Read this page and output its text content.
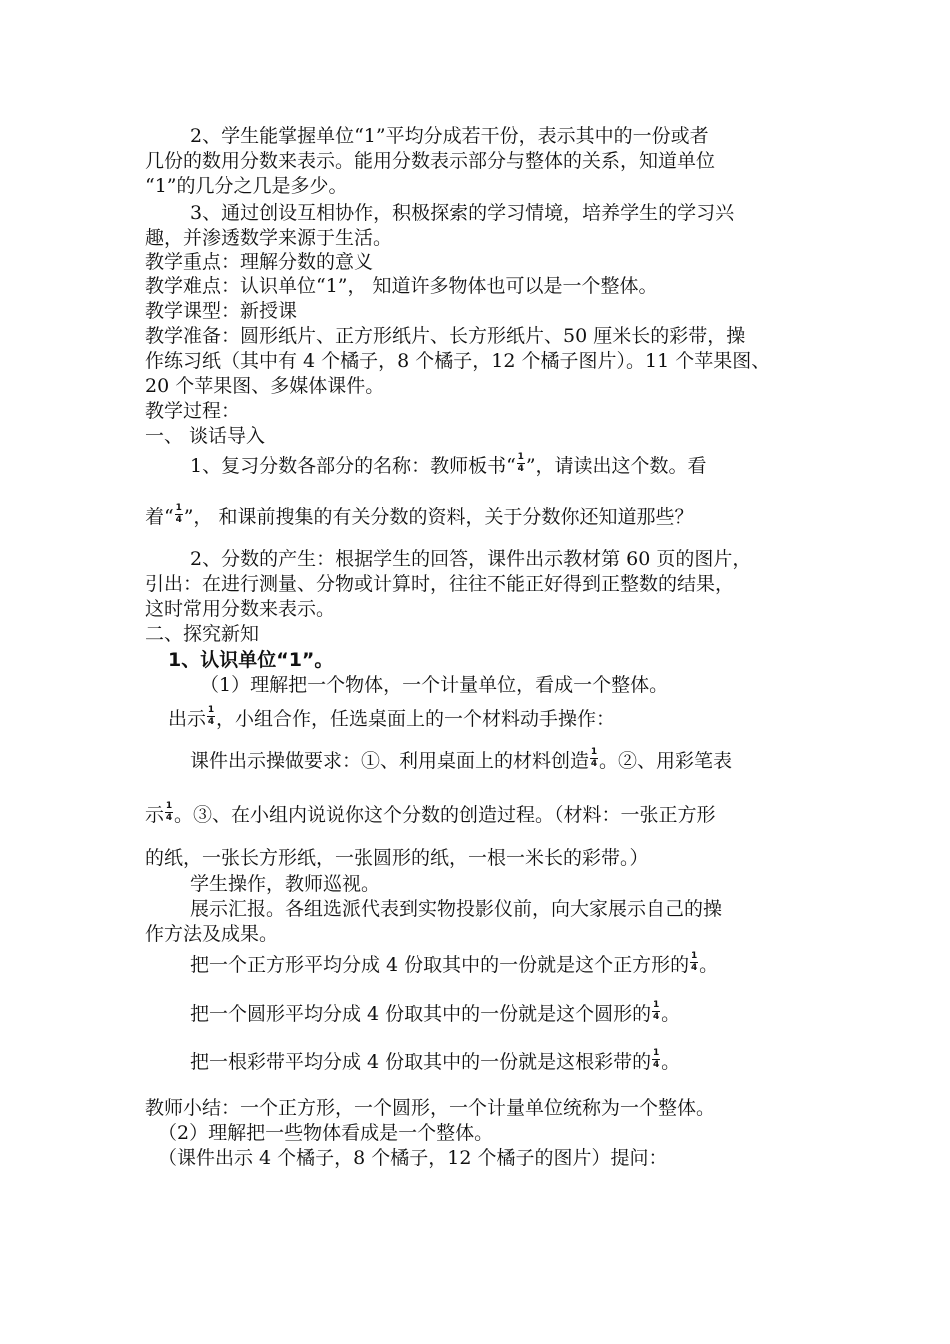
2、学生能掌握单位“1”平均分成若干份，表示其中的一份或者
几份的数用分数来表示。能用分数表示部分与整体的关系，知道单位
“1”的几分之几是多少。
3、通过创设互相协作，积极探索的学习情境，培养学生的学习兴
趣，并渗透数学来源于生活。
教学重点：理解分数的意义
教学难点：认识单位“1”， 知道许多物体也可以是一个整体。
教学课型：新授课
教学准备：圆形纸片、正方形纸片、长方形纸片、50 厘米长的彩带，操
作练习纸（其中有 4 个橘子，8 个橘子，12 个橘子图片）。11 个苹果图、
20 个苹果图、多媒体课件。
教学过程：
一、 谈话导入
1、复习分数各部分的名称：教师板书“ $\frac{1}{4}$ ”，请读出这个数。看
着“ $\frac{1}{4}$ ”， 和课前搜集的有关分数的资料，关于分数你还知道那些？
2、分数的产生：根据学生的回答，课件出示教材第 60 页的图片，
引出：在进行测量、分物或计算时，往往不能正好得到正整数的结果，
这时常用分数来表示。
二、探究新知
1、认识单位“1”。
（1）理解把一个物体，一个计量单位，看成一个整体。
出示 $\frac{1}{4}$ ，小组合作，任选桌面上的一个材料动手操作：
课件出示操做要求：①、利用桌面上的材料创造 $\frac{1}{4}$ 。②、用彩笔表
示 $\frac{1}{4}$ 。③、在小组内说说你这个分数的创造过程。（材料：一张正方形
的纸，一张长方形纸，一张圆形的纸，一根一米长的彩带。）
学生操作，教师巡视。
展示汇报。各组选派代表到实物投影仪前，向大家展示自己的操
作方法及成果。
把一个正方形平均分成 4 份取其中的一份就是这个正方形的 $\frac{1}{4}$ 。
把一个圆形平均分成 4 份取其中的一份就是这个圆形的 $\frac{1}{4}$ 。
把一根彩带平均分成 4 份取其中的一份就是这根彩带的 $\frac{1}{4}$ 。
教师小结：一个正方形，一个圆形，一个计量单位统称为一个整体。
（2）理解把一些物体看成是一个整体。
（课件出示 4 个橘子，8 个橘子，12 个橘子的图片）提问：
